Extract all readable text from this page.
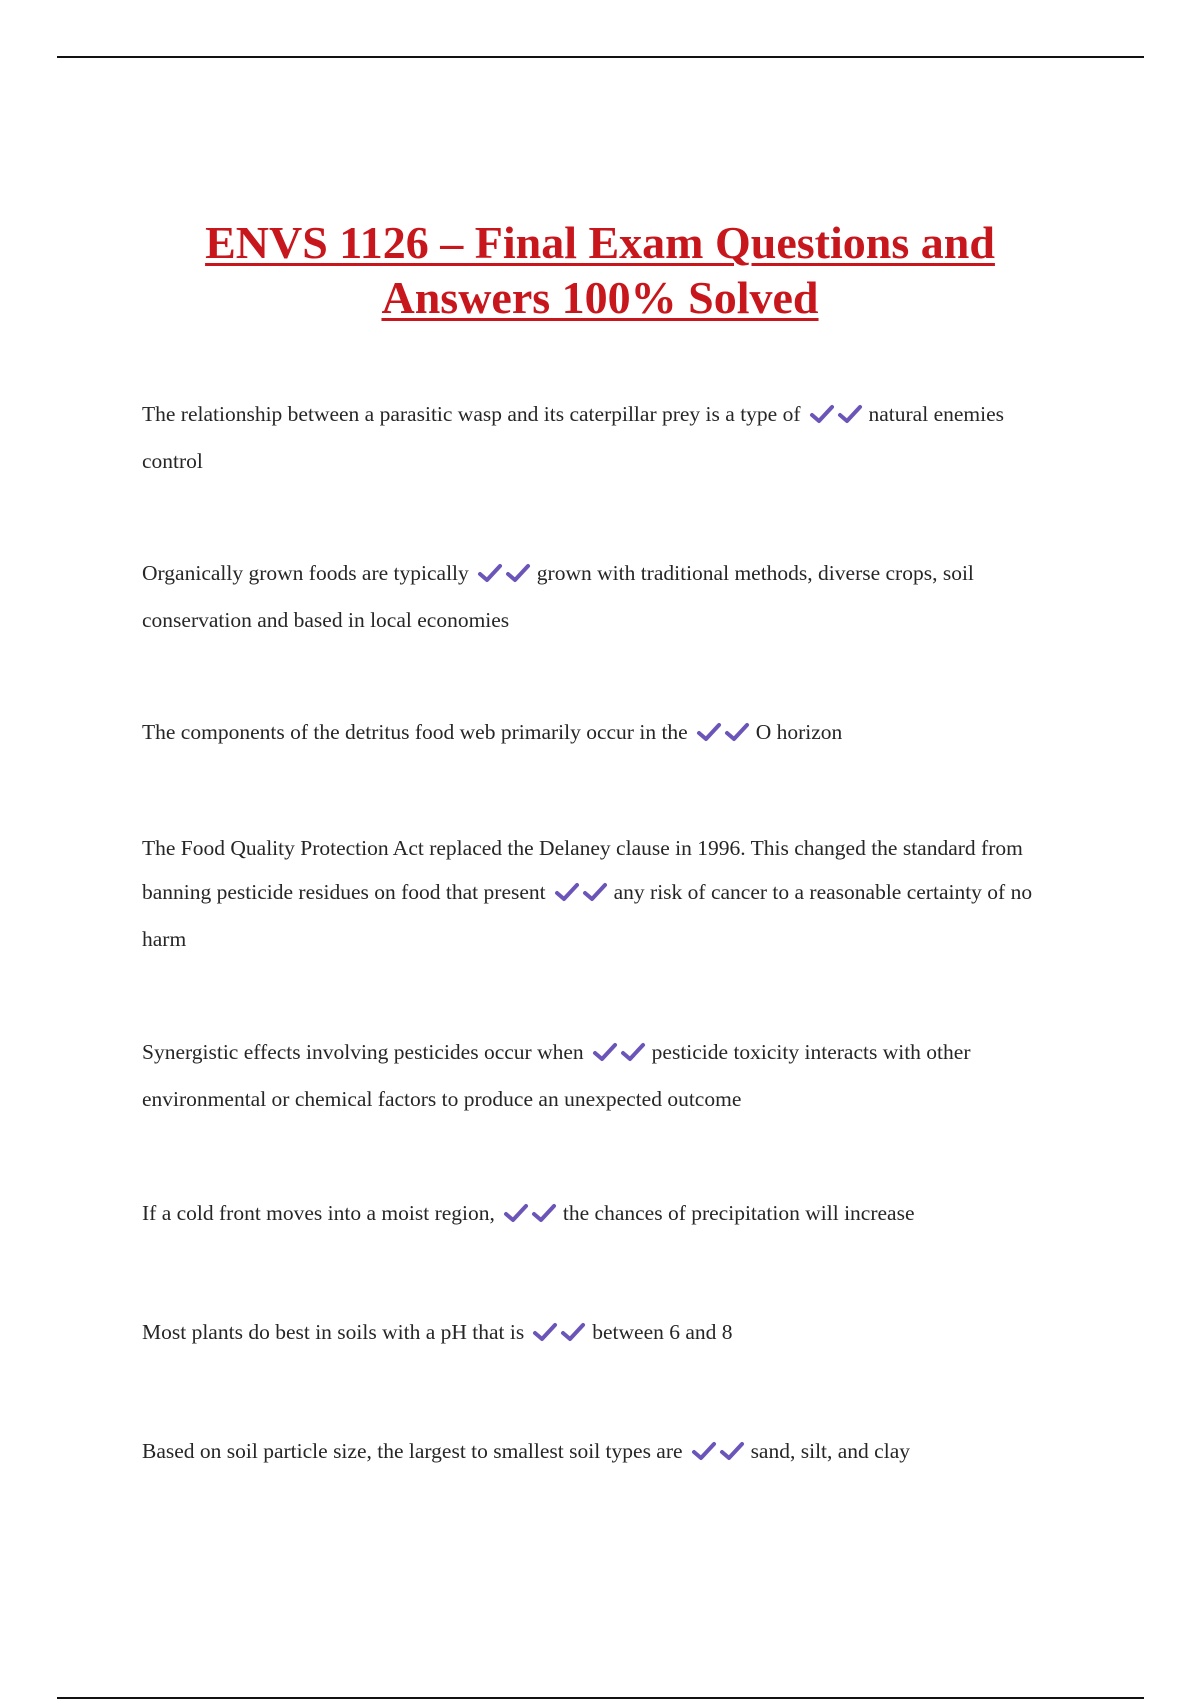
ENVS 1126 – Final Exam Questions and
Answers 100% Solved

The relationship between a parasitic wasp and its caterpillar prey is a type of	natural enemies control

Organically grown foods are typically	grown with traditional methods, diverse crops, soil conservation and based in local economies

The components of the detritus food web primarily occur in the	O horizon

The Food Quality Protection Act replaced the Delaney clause in 1996. This changed the standard from banning pesticide residues on food that present	any risk of cancer to a reasonable certainty of no harm

Synergistic effects involving pesticides occur when	pesticide toxicity interacts with other environmental or chemical factors to produce an unexpected outcome

If a cold front moves into a moist region,	the chances of precipitation will increase

Most plants do best in soils with a pH that is	between 6 and 8

Based on soil particle size, the largest to smallest soil types are	sand, silt, and clay
